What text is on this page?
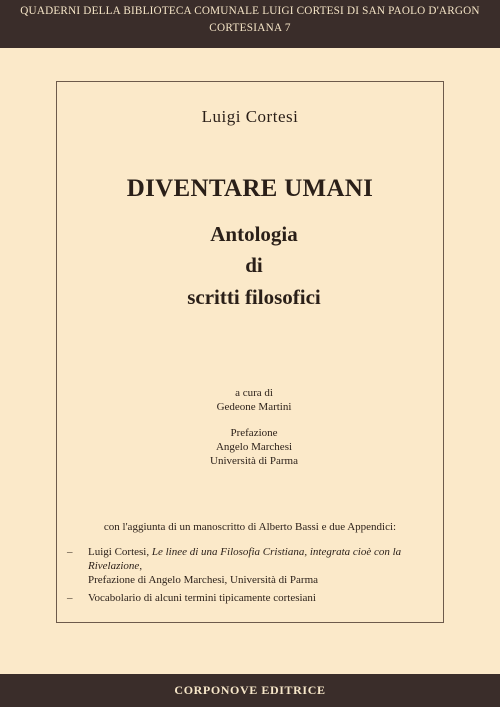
QUADERNI DELLA BIBLIOTECA COMUNALE LUIGI CORTESI DI SAN PAOLO D'ARGON
CORTESIANA 7
Luigi Cortesi
DIVENTARE UMANI
Antologia
di
scritti filosofici
a cura di
Gedeone Martini
Prefazione
Angelo Marchesi
Università di Parma
con l'aggiunta di un manoscritto di Alberto Bassi e due Appendici:
– Luigi Cortesi, Le linee di una Filosofia Cristiana, integrata cioè con la Rivelazione,
Prefazione di Angelo Marchesi, Università di Parma
– Vocabolario di alcuni termini tipicamente cortesiani
CORPONOVE EDITRICE
